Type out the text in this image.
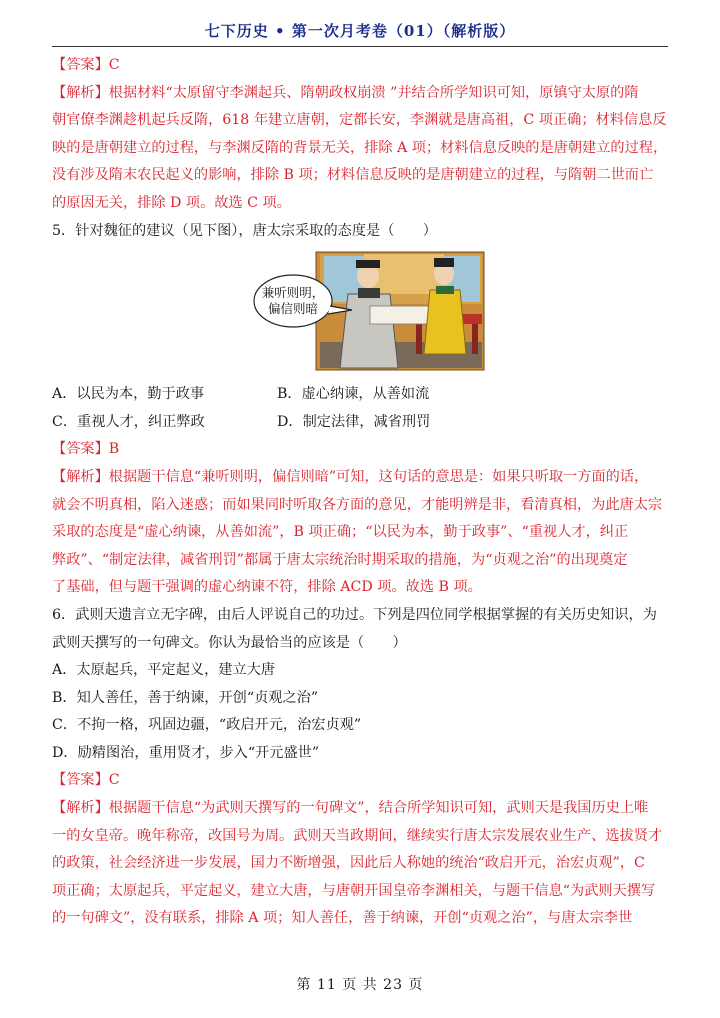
七下历史 • 第一次月考卷（01）（解析版）
【答案】C
【解析】根据材料“太原留守李渊起兵、隋朝政权崩溃 ”并结合所学知识可知，原镇守太原的隋
朝官僚李渊趁机起兵反隋，618 年建立唐朝，定都长安，李渊就是唐高祖，C 项正确；材料信息反
映的是唐朝建立的过程，与李渊反隋的背景无关，排除 A 项；材料信息反映的是唐朝建立的过程，
没有涉及隋末农民起义的影响，排除 B 项；材料信息反映的是唐朝建立的过程，与隋朝二世而亡
的原因无关，排除 D 项。故选 C 项。
5．针对魏征的建议（见下图），唐太宗采取的态度是（　　）
兼听则明，
偏信则暗
A．以民为本，勤于政事	B．虚心纳谏，从善如流
C．重视人才，纠正弊政	D．制定法律，减省刑罚
【答案】B
【解析】根据题干信息“兼听则明，偏信则暗”可知，这句话的意思是：如果只听取一方面的话，
就会不明真相，陷入迷惑；而如果同时听取各方面的意见，才能明辨是非，看清真相，为此唐太宗
采取的态度是“虚心纳谏，从善如流”，B 项正确；“以民为本，勤于政事”、“重视人才，纠正
弊政”、“制定法律，减省刑罚”都属于唐太宗统治时期采取的措施，为“贞观之治”的出现奠定
了基础，但与题干强调的虚心纳谏不符，排除 ACD 项。故选 B 项。
6．武则天遗言立无字碑，由后人评说自己的功过。下列是四位同学根据掌握的有关历史知识，为
武则天撰写的一句碑文。你认为最恰当的应该是（　　）
A．太原起兵，平定起义，建立大唐
B．知人善任，善于纳谏，开创“贞观之治”
C．不拘一格，巩固边疆，“政启开元，治宏贞观”
D．励精图治，重用贤才，步入“开元盛世”
【答案】C
【解析】根据题干信息“为武则天撰写的一句碑文”，结合所学知识可知，武则天是我国历史上唯
一的女皇帝。晚年称帝，改国号为周。武则天当政期间，继续实行唐太宗发展农业生产、选拔贤才
的政策，社会经济进一步发展，国力不断增强，因此后人称她的统治“政启开元，治宏贞观”，C
项正确；太原起兵，平定起义，建立大唐，与唐朝开国皇帝李渊相关，与题干信息“为武则天撰写
的一句碑文”，没有联系，排除 A 项；知人善任，善于纳谏，开创“贞观之治”，与唐太宗李世
第 11 页 共 23 页
